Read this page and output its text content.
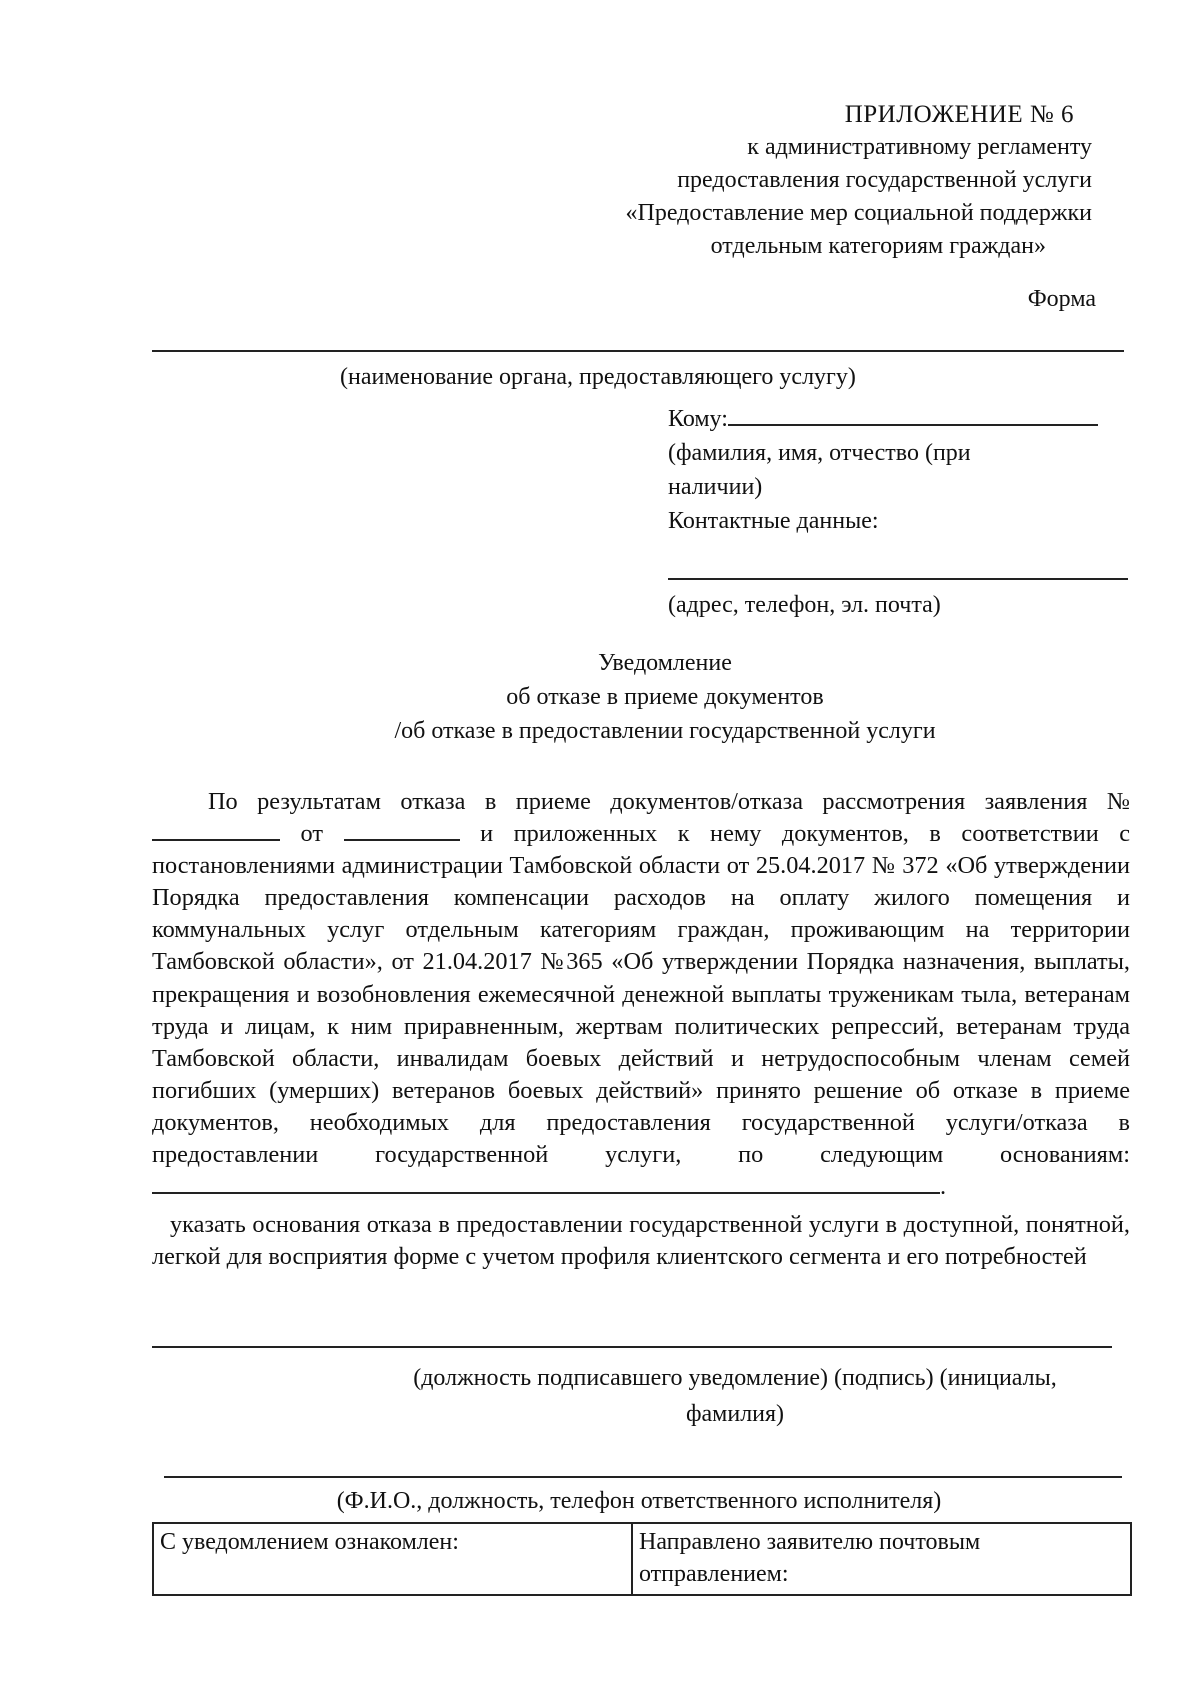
ПРИЛОЖЕНИЕ № 6
к административному регламенту
предоставления государственной услуги
«Предоставление мер социальной поддержки
отдельным категориям граждан»
Форма
(наименование органа, предоставляющего услугу)
Кому:
(фамилия, имя, отчество (при
наличии)
Контактные данные:
(адрес, телефон, эл. почта)
Уведомление
об отказе в приеме документов
/об отказе в предоставлении государственной услуги

По результатам отказа в приеме документов/отказа рассмотрения заявления №  от	и приложенных к нему документов, в соответствии с постановлениями администрации Тамбовской области от 25.04.2017 № 372 «Об утверждении Порядка предоставления компенсации расходов на оплату жилого помещения и коммунальных услуг отдельным категориям граждан, проживающим на территории Тамбовской области», от 21.04.2017 №365 «Об утверждении Порядка назначения, выплаты, прекращения и возобновления ежемесячной денежной выплаты труженикам тыла, ветеранам труда и лицам, к ним приравненным, жертвам политических репрессий, ветеранам труда Тамбовской области, инвалидам боевых действий и нетрудоспособным членам семей погибших (умерших) ветеранов боевых действий» принято решение об отказе в приеме документов, необходимых для предоставления государственной услуги/отказа в предоставлении государственной услуги, по следующим основаниям: .

указать основания отказа в предоставлении государственной услуги в доступной, понятной, легкой для восприятия форме с учетом профиля клиентского сегмента и его потребностей

(должность подписавшего уведомление) (подпись) (инициалы,
фамилия)
(Ф.И.О., должность, телефон ответственного исполнителя)
С уведомлением ознакомлен:	Направлено заявителю почтовым
отправлением:
